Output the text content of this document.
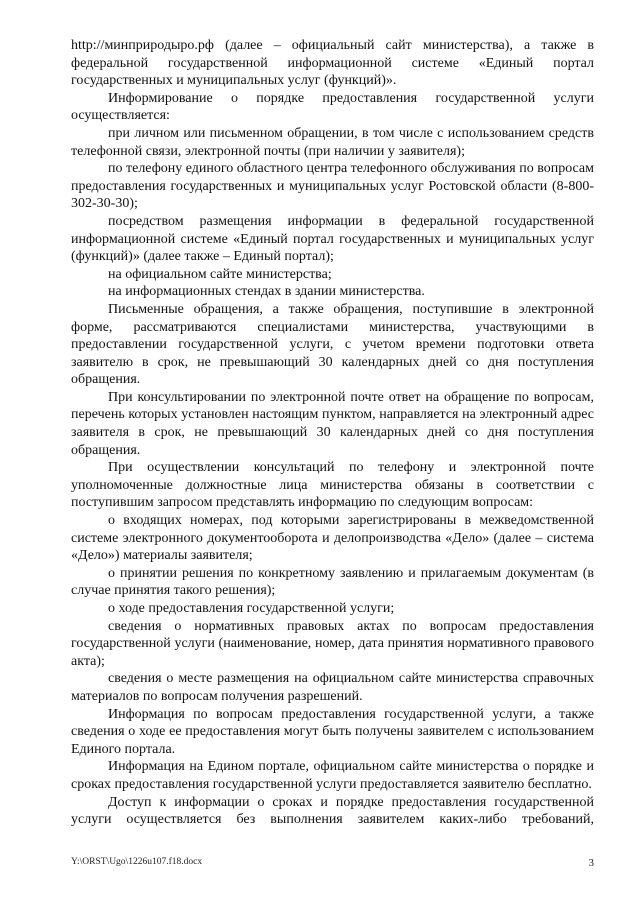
http://минприродыро.рф (далее – официальный сайт министерства), а также в федеральной государственной информационной системе «Единый портал государственных и муниципальных услуг (функций)».

Информирование о порядке предоставления государственной услуги осуществляется:

при личном или письменном обращении, в том числе с использованием средств телефонной связи, электронной почты (при наличии у заявителя);

по телефону единого областного центра телефонного обслуживания по вопросам предоставления государственных и муниципальных услуг Ростовской области (8-800-302-30-30);

посредством размещения информации в федеральной государственной информационной системе «Единый портал государственных и муниципальных услуг (функций)» (далее также – Единый портал);

на официальном сайте министерства;

на информационных стендах в здании министерства.

Письменные обращения, а также обращения, поступившие в электронной форме, рассматриваются специалистами министерства, участвующими в предоставлении государственной услуги, с учетом времени подготовки ответа заявителю в срок, не превышающий 30 календарных дней со дня поступления обращения.

При консультировании по электронной почте ответ на обращение по вопросам, перечень которых установлен настоящим пунктом, направляется на электронный адрес заявителя в срок, не превышающий 30 календарных дней со дня поступления обращения.

При осуществлении консультаций по телефону и электронной почте уполномоченные должностные лица министерства обязаны в соответствии с поступившим запросом представлять информацию по следующим вопросам:

о входящих номерах, под которыми зарегистрированы в межведомственной системе электронного документооборота и делопроизводства «Дело» (далее – система «Дело») материалы заявителя;

о принятии решения по конкретному заявлению и прилагаемым документам (в случае принятия такого решения);

о ходе предоставления государственной услуги;

сведения о нормативных правовых актах по вопросам предоставления государственной услуги (наименование, номер, дата принятия нормативного правового акта);

сведения о месте размещения на официальном сайте министерства справочных материалов по вопросам получения разрешений.

Информация по вопросам предоставления государственной услуги, а также сведения о ходе ее предоставления могут быть получены заявителем с использованием Единого портала.

Информация на Едином портале, официальном сайте министерства о порядке и сроках предоставления государственной услуги предоставляется заявителю бесплатно.

Доступ к информации о сроках и порядке предоставления государственной услуги осуществляется без выполнения заявителем каких-либо требований,

Y:\ORST\Ugo\1226u107.f18.docx	3
